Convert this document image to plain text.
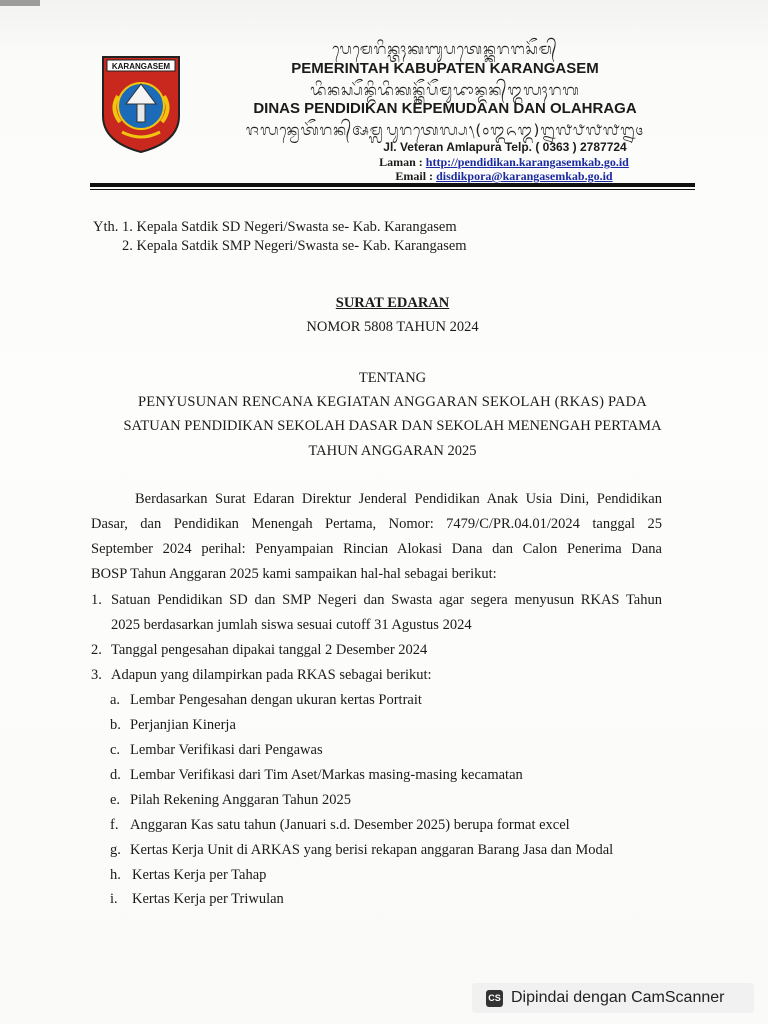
KARANGASEM
ᬧᬾᬫᬾᬭᬶᬦ᭄ᬢᬄᬓᬩᬸᬧᬢᬾᬦ᭄ᬓᬭᬗᬲᭂᬫ᭄
PEMERINTAH KABUPATEN KARANGASEM
ᬤᬶᬦᬲ᭄ᬧᭂᬦ᭄ᬤᬶᬤᬶᬓᬦ᭄ᬓᭂᬧᭂᬫᬸᬤᬵᬦ᭄ᬤᬦ᭄ᬑᬮᬄᬭᬕ
DINAS PENDIDIKAN KEPEMUDAAN DAN OLAHRAGA
ᬚᬮᬦ᭄ᬯᬾᬢᭂᬭᬦ᭄ᬅᬫ᭄ᬮᬧᬸᬭᬢᬾᬮ᭄ᬧ᭞(᭐᭓᭖᭓)᭒᭗᭘᭗᭗᭒᭔
Jl. Veteran Amlapura Telp. ( 0363 ) 2787724
Laman : http://pendidikan.karangasemkab.go.id
Email : disdikpora@karangasemkab.go.id
Yth. 1. Kepala Satdik SD Negeri/Swasta se- Kab. Karangasem
2. Kepala Satdik SMP Negeri/Swasta se- Kab. Karangasem
SURAT EDARAN
NOMOR 5808 TAHUN 2024
TENTANG
PENYUSUNAN RENCANA KEGIATAN ANGGARAN SEKOLAH (RKAS) PADA
SATUAN PENDIDIKAN SEKOLAH DASAR DAN SEKOLAH MENENGAH PERTAMA
TAHUN ANGGARAN 2025
Berdasarkan Surat Edaran Direktur Jenderal Pendidikan Anak Usia Dini, Pendidikan
Dasar, dan Pendidikan Menengah Pertama, Nomor: 7479/C/PR.04.01/2024 tanggal 25
September 2024 perihal: Penyampaian Rincian Alokasi Dana dan Calon Penerima Dana
BOSP Tahun Anggaran 2025 kami sampaikan hal-hal sebagai berikut:
1. Satuan Pendidikan SD dan SMP Negeri dan Swasta agar segera menyusun RKAS Tahun
2025 berdasarkan jumlah siswa sesuai cutoff 31 Agustus 2024
2. Tanggal pengesahan dipakai tanggal 2 Desember 2024
3. Adapun yang dilampirkan pada RKAS sebagai berikut:
a. Lembar Pengesahan dengan ukuran kertas Portrait
b. Perjanjian Kinerja
c. Lembar Verifikasi dari Pengawas
d. Lembar Verifikasi dari Tim Aset/Markas masing-masing kecamatan
e. Pilah Rekening Anggaran Tahun 2025
f. Anggaran Kas satu tahun (Januari s.d. Desember 2025) berupa format excel
g. Kertas Kerja Unit di ARKAS yang berisi rekapan anggaran Barang Jasa dan Modal
h. Kertas Kerja per Tahap
i. Kertas Kerja per Triwulan
CS Dipindai dengan CamScanner
